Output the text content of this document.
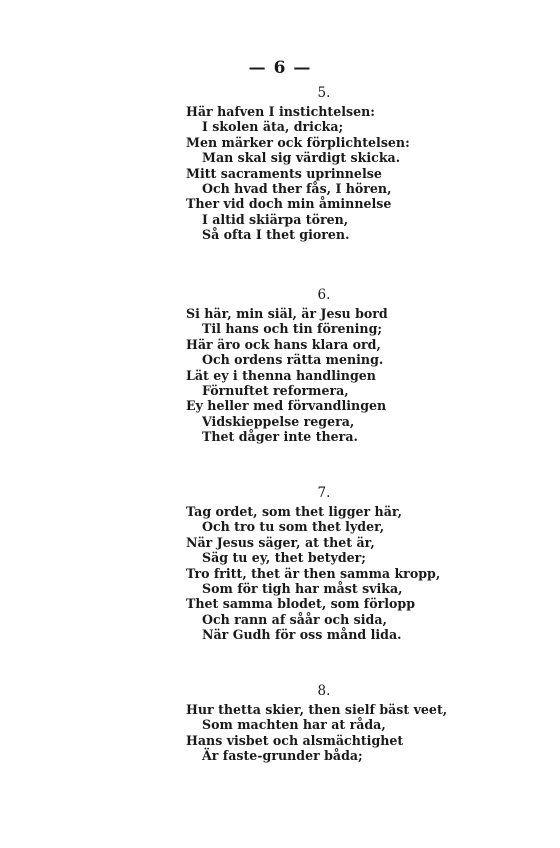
— 6 —
5.
Här hafven I instichtelsen:
I skolen äta, dricka;
Men märker ock förplichtelsen:
Man skal sig värdigt skicka.
Mitt sacraments uprinnelse
Och hvad ther fås, I hören,
Ther vid doch min åminnelse
I altid skiärpa tören,
Så ofta I thet gioren.
6.
Si här, min siäl, är Jesu bord
Til hans och tin förening;
Här äro ock hans klara ord,
Och ordens rätta mening.
Lät ey i thenna handlingen
Förnuftet reformera,
Ey heller med förvandlingen
Vidskieppelse regera,
Thet dåger inte thera.
7.
Tag ordet, som thet ligger här,
Och tro tu som thet lyder,
När Jesus säger, at thet är,
Säg tu ey, thet betyder;
Tro fritt, thet är then samma kropp,
Som för tigh har måst svika,
Thet samma blodet, som förlopp
Och rann af såår och sida,
När Gudh för oss månd lida.
8.
Hur thetta skier, then sielf bäst veet,
Som machten har at råda,
Hans visbet och alsmächtighet
Är faste-grunder båda;
